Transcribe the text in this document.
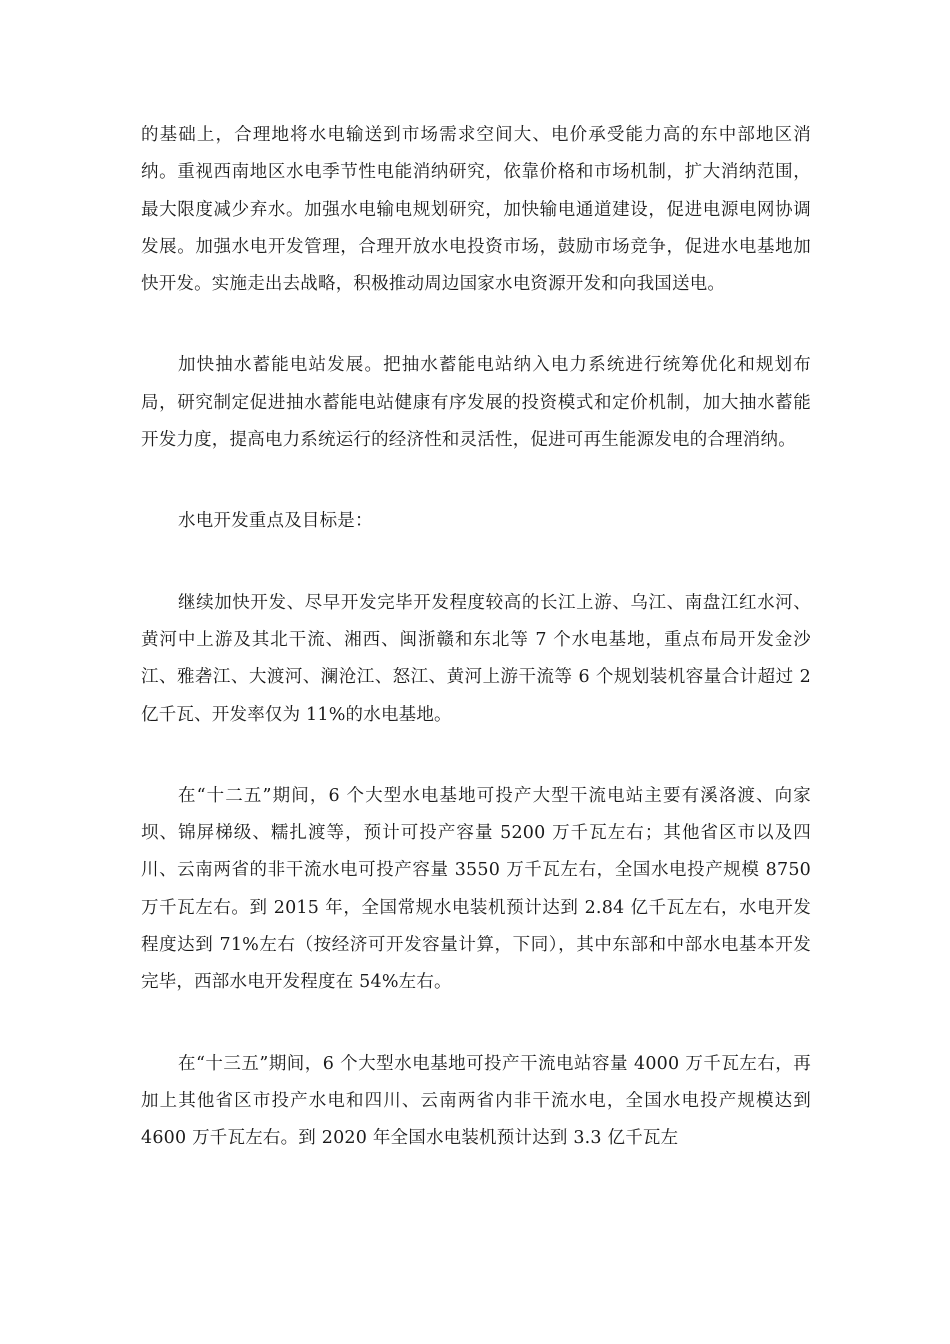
的基础上，合理地将水电输送到市场需求空间大、电价承受能力高的东中部地区消纳。重视西南地区水电季节性电能消纳研究，依靠价格和市场机制，扩大消纳范围，最大限度减少弃水。加强水电输电规划研究，加快输电通道建设，促进电源电网协调发展。加强水电开发管理，合理开放水电投资市场，鼓励市场竞争，促进水电基地加快开发。实施走出去战略，积极推动周边国家水电资源开发和向我国送电。

加快抽水蓄能电站发展。把抽水蓄能电站纳入电力系统进行统筹优化和规划布局，研究制定促进抽水蓄能电站健康有序发展的投资模式和定价机制，加大抽水蓄能开发力度，提高电力系统运行的经济性和灵活性，促进可再生能源发电的合理消纳。

水电开发重点及目标是：

继续加快开发、尽早开发完毕开发程度较高的长江上游、乌江、南盘江红水河、黄河中上游及其北干流、湘西、闽浙赣和东北等 7 个水电基地，重点布局开发金沙江、雅砻江、大渡河、澜沧江、怒江、黄河上游干流等 6 个规划装机容量合计超过 2 亿千瓦、开发率仅为 11%的水电基地。

在“十二五”期间，6 个大型水电基地可投产大型干流电站主要有溪洛渡、向家坝、锦屏梯级、糯扎渡等，预计可投产容量 5200 万千瓦左右；其他省区市以及四川、云南两省的非干流水电可投产容量 3550 万千瓦左右，全国水电投产规模 8750 万千瓦左右。到 2015 年，全国常规水电装机预计达到 2.84 亿千瓦左右，水电开发程度达到 71%左右（按经济可开发容量计算，下同），其中东部和中部水电基本开发完毕，西部水电开发程度在 54%左右。

在“十三五”期间，6 个大型水电基地可投产干流电站容量 4000 万千瓦左右，再加上其他省区市投产水电和四川、云南两省内非干流水电，全国水电投产规模达到 4600 万千瓦左右。到 2020 年全国水电装机预计达到 3.3 亿千瓦左
